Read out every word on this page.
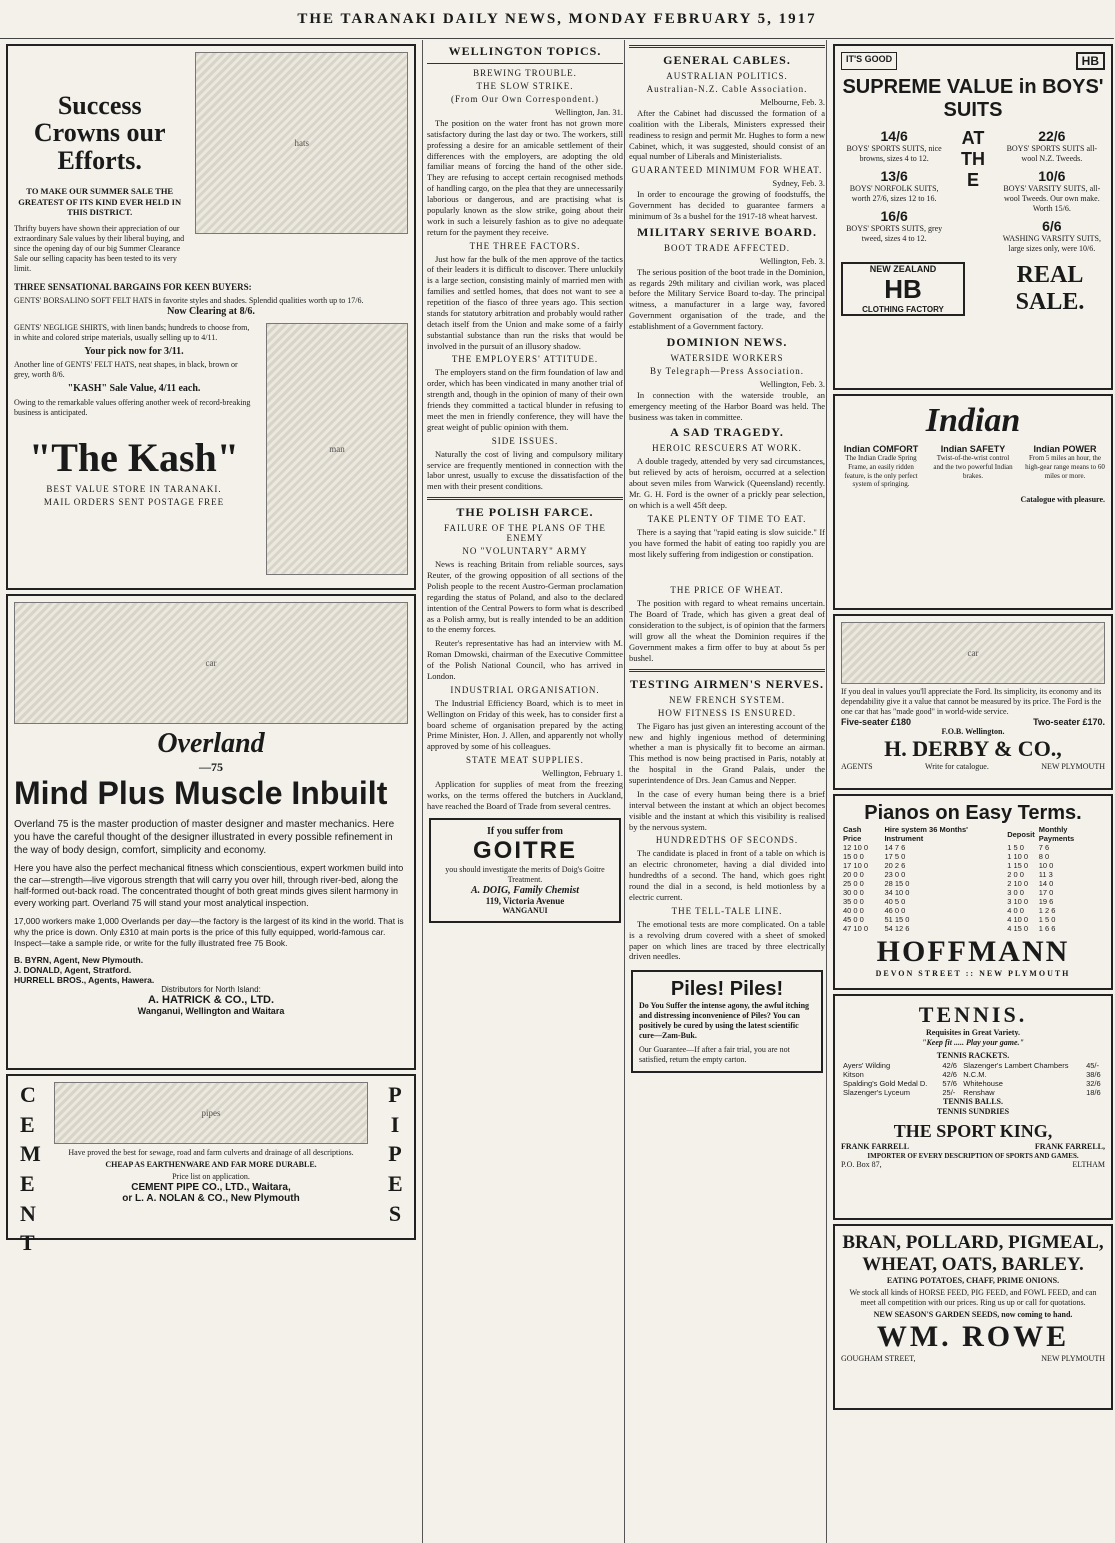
THE TARANAKI DAILY NEWS, MONDAY FEBRUARY 5, 1917
Success Crowns our Efforts.
TO MAKE OUR SUMMER SALE THE GREATEST OF ITS KIND EVER HELD IN THIS DISTRICT.
Thrifty buyers have shown their appreciation of our extraordinary Sale values by their liberal buying, and since the opening day of our big Summer Clearance Sale our selling capacity has been tested to its very limit.
hats
THREE SENSATIONAL BARGAINS FOR KEEN BUYERS:
GENTS' BORSALINO SOFT FELT HATS in favorite styles and shades. Splendid qualities worth up to 17/6.
Now Clearing at 8/6.
GENTS' NEGLIGE SHIRTS, with linen bands; hundreds to choose from, in white and colored stripe materials, usually selling up to 4/11.
Your pick now for 3/11.
Another line of GENTS' FELT HATS, neat shapes, in black, brown or grey, worth 8/6.
"KASH" Sale Value, 4/11 each.
Owing to the remarkable values offering another week of record-breaking business is anticipated.
"The Kash"
BEST VALUE STORE IN TARANAKI.
MAIL ORDERS SENT POSTAGE FREE
man
car
Overland
—75
Mind Plus Muscle Inbuilt
Overland 75 is the master production of master designer and master mechanics. Here you have the careful thought of the designer illustrated in every possible refinement in the way of body design, comfort, simplicity and economy.
Here you have also the perfect mechanical fitness which conscientious, expert workmen build into the car—strength—live vigorous strength that will carry you over hill, through river-bed, along the half-formed out-back road. The concentrated thought of both great minds gives silent harmony in every working part. Overland 75 will stand your most analytical inspection.
17,000 workers make 1,000 Overlands per day—the factory is the largest of its kind in the world. That is why the price is down. Only £310 at main ports is the price of this fully equipped, world-famous car. Inspect—take a sample ride, or write for the fully illustrated free 75 Book.
B. BYRN, Agent, New Plymouth.
J. DONALD, Agent, Stratford.
HURRELL BROS., Agents, Hawera.
Distributors for North Island:
A. HATRICK & CO., LTD.
Wanganui, Wellington and Waitara
CEMENT
PIPES
pipes
Have proved the best for sewage, road and farm culverts and drainage of all descriptions.
CHEAP AS EARTHENWARE AND FAR MORE DURABLE.
Price list on application.
CEMENT PIPE CO., LTD., Waitara,
or L. A. NOLAN & CO., New Plymouth
WELLINGTON TOPICS.
BREWING TROUBLE.
THE SLOW STRIKE.
(From Our Own Correspondent.)
Wellington, Jan. 31.

The position on the water front has not grown more satisfactory during the last day or two. The workers, still professing a desire for an amicable settlement of their differences with the employers, are adopting the old familiar means of forcing the hand of the other side. They are refusing to accept certain recognised methods of handling cargo, on the plea that they are unnecessarily laborious or dangerous, and are practising what is popularly known as the slow strike, going about their work in such a leisurely fashion as to give no adequate return for the payment they receive.

THE THREE FACTORS.

Just how far the bulk of the men approve of the tactics of their leaders it is difficult to discover. There unluckily is a large section, consisting mainly of married men with families and settled homes, that does not want to see a repetition of the fiasco of three years ago. This section stands for statutory arbitration and probably would rather detach itself from the Union and make some of a fairly substantial substance than run the risks that would be involved in the pursuit of an illusory shadow.

THE EMPLOYERS' ATTITUDE.

The employers stand on the firm foundation of law and order, which has been vindicated in many another trial of strength and, though in the opinion of many of their own friends they committed a tactical blunder in refusing to meet the men in friendly conference, they will have the great weight of public opinion with them.

SIDE ISSUES.

Naturally the cost of living and compulsory military service are frequently mentioned in connection with the labor unrest, usually to excuse the dissatisfaction of the men with their present conditions.

THE POLISH FARCE.
FAILURE OF THE PLANS OF THE ENEMY
NO "VOLUNTARY" ARMY

News is reaching Britain from reliable sources, says Reuter, of the growing opposition of all sections of the Polish people to the recent Austro-German proclamation regarding the status of Poland, and also to the declared intention of the Central Powers to form what is described as a Polish army, but is really intended to be an addition to the enemy forces.

Reuter's representative has had an interview with M. Roman Dmowski, chairman of the Executive Committee of the Polish National Council, who has arrived in London.

INDUSTRIAL ORGANISATION.

The Industrial Efficiency Board, which is to meet in Wellington on Friday of this week, has to consider first a board scheme of organisation prepared by the acting Prime Minister, Hon. J. Allen, and apparently not wholly approved by some of his colleagues.

STATE MEAT SUPPLIES.
Wellington, February 1.

Application for supplies of meat from the freezing works, on the terms offered the butchers in Auckland, have reached the Board of Trade from several centres.

If you suffer from
GOITRE
you should investigate the merits of Doig's Goitre Treatment.
A. DOIG, Family Chemist
119, Victoria Avenue
WANGANUI
GENERAL CABLES.
AUSTRALIAN POLITICS.
Australian-N.Z. Cable Association.
Melbourne, Feb. 3.

After the Cabinet had discussed the formation of a coalition with the Liberals, Ministers expressed their readiness to resign and permit Mr. Hughes to form a new Cabinet, which, it was suggested, should consist of an equal number of Liberals and Ministerialists.

GUARANTEED MINIMUM FOR WHEAT.
Sydney, Feb. 3.

In order to encourage the growing of foodstuffs, the Government has decided to guarantee farmers a minimum of 3s a bushel for the 1917-18 wheat harvest.

MILITARY SERIVE BOARD.
BOOT TRADE AFFECTED.
Wellington, Feb. 3.

The serious position of the boot trade in the Dominion, as regards 29th military and civilian work, was placed before the Military Service Board to-day. The principal witness, a manufacturer in a large way, favored Government organisation of the trade, and the establishment of a Government factory.

DOMINION NEWS.
WATERSIDE WORKERS
By Telegraph—Press Association.
Wellington, Feb. 3.

In connection with the waterside trouble, an emergency meeting of the Harbor Board was held. The business was taken in committee.

A SAD TRAGEDY.
HEROIC RESCUERS AT WORK.

A double tragedy, attended by very sad circumstances, but relieved by acts of heroism, occurred at a selection about seven miles from Warwick (Queensland) recently. Mr. G. H. Ford is the owner of a prickly pear selection, on which is a well 45ft deep.

TAKE PLENTY OF TIME TO EAT.

There is a saying that "rapid eating is slow suicide." If you have formed the habit of eating too rapidly you are most likely suffering from indigestion or constipation.

THE PRICE OF WHEAT.

The position with regard to wheat remains uncertain. The Board of Trade, which has given a great deal of consideration to the subject, is of opinion that the farmers will grow all the wheat the Dominion requires if the Government makes a firm offer to buy at about 5s per bushel.

TESTING AIRMEN'S NERVES.
NEW FRENCH SYSTEM.
HOW FITNESS IS ENSURED.

The Figaro has just given an interesting account of the new and highly ingenious method of determining whether a man is physically fit to become an airman. This method is now being practised in Paris, notably at the hospital in the Grand Palais, under the superintendence of Drs. Jean Camus and Nepper.

In the case of every human being there is a brief interval between the instant at which an object becomes visible and the instant at which this visibility is realised by the nervous system.

HUNDREDTHS OF SECONDS.

The candidate is placed in front of a table on which is an electric chronometer, having a dial divided into hundredths of a second. The hand, which goes right round the dial in a second, is held motionless by a electric current.

THE TELL-TALE LINE.

The emotional tests are more complicated. On a table is a revolving drum covered with a sheet of smoked paper on which lines are traced by three electrically driven needles.

Piles! Piles!
Do You Suffer the intense agony, the awful itching and distressing inconvenience of Piles? You can positively be cured by using the latest scientific cure—Zam-Buk.
Our Guarantee—If after a fair trial, you are not satisfied, return the empty carton.
IT'S GOOD	HB
SUPREME VALUE in BOYS' SUITS
14/6
BOYS' SPORTS SUITS, nice browns, sizes 4 to 12.
13/6
BOYS' NORFOLK SUITS, worth 27/6, sizes 12 to 16.
16/6
BOYS' SPORTS SUITS, grey tweed, sizes 4 to 12.
AT THE
22/6
BOYS' SPORTS SUITS all-wool N.Z. Tweeds.
10/6
BOYS' VARSITY SUITS, all-wool Tweeds. Our own make. Worth 15/6.
6/6
WASHING VARSITY SUITS, large sizes only, were 10/6.
NEW ZEALAND
HB
CLOTHING FACTORY
REAL SALE.
Indian
Indian COMFORT
The Indian Cradle Spring Frame, an easily ridden feature, is the only perfect system of springing.
Indian SAFETY
Twist-of-the-wrist control and the two powerful Indian brakes.
Indian POWER
From 5 miles an hour, the high-gear range means to 60 miles or more.
Catalogue with pleasure.
car
If you deal in values you'll appreciate the Ford. Its simplicity, its economy and its dependability give it a value that cannot be measured by its price. The Ford is the one car that has "made good" in world-wide service.
Five-seater £180	Two-seater £170.
F.O.B. Wellington.
H. DERBY & CO.,
AGENTS	Write for catalogue.	NEW PLYMOUTH
Pianos on Easy Terms.
Cash Price	Hire system 36 Months' Instrument	Deposit	Monthly Payments
12 10 0	14 7 6	1 5 0	7 6
15 0 0	17 5 0	1 10 0	8 0
17 10 0	20 2 6	1 15 0	10 0
20 0 0	23 0 0	2 0 0	11 3
25 0 0	28 15 0	2 10 0	14 0
30 0 0	34 10 0	3 0 0	17 0
35 0 0	40 5 0	3 10 0	19 6
40 0 0	46 0 0	4 0 0	1 2 6
45 0 0	51 15 0	4 10 0	1 5 0
47 10 0	54 12 6	4 15 0	1 6 6
HOFFMANN
DEVON STREET :: NEW PLYMOUTH
TENNIS.
Requisites in Great Variety.
"Keep fit ..... Play your game."
TENNIS RACKETS.
Ayers' Wilding	42/6	Slazenger's Lambert Chambers	45/-
Kitson	42/6	N.C.M.	38/6
Spalding's Gold Medal D.	57/6	Whitehouse	32/6
Slazenger's Lyceum	25/-	Renshaw	18/6
TENNIS BALLS.
TENNIS SUNDRIES
THE SPORT KING,
FRANK FARRELL	FRANK FARRELL,
IMPORTER OF EVERY DESCRIPTION OF SPORTS AND GAMES.
P.O. Box 87,	ELTHAM
BRAN, POLLARD, PIGMEAL,
WHEAT, OATS, BARLEY.
EATING POTATOES, CHAFF, PRIME ONIONS.
We stock all kinds of HORSE FEED, PIG FEED, and FOWL FEED, and can meet all competition with our prices. Ring us up or call for quotations.
NEW SEASON'S GARDEN SEEDS, now coming to hand.
WM. ROWE
GOUGHAM STREET,	NEW PLYMOUTH
